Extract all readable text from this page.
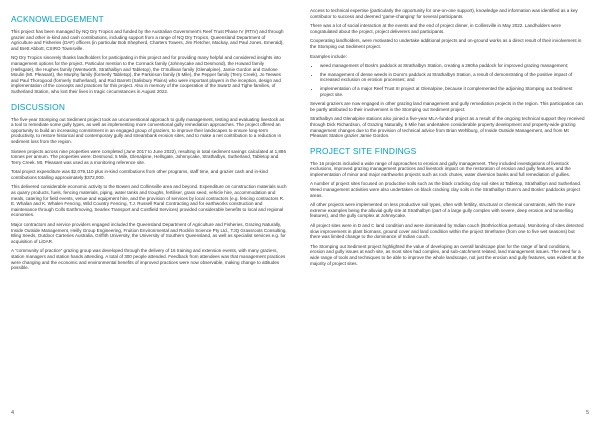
ACKNOWLEDGEMENT

This project has been managed by NQ Dry Tropics and funded by the Australian Government’s Reef Trust Phase IV (RTIV) and through grazier and other in-kind and cash contributions, including support from a range of NQ Dry Tropics, Queensland Department of Agriculture and Fisheries (DAF) officers (in particular Bob Shepherd, Charters Towers, Jim Fletcher, Mackay, and Paul Jones, Emerald), and Brett Abbott, CSIRO Townsville.

NQ Dry Tropics sincerely thanks landholders for participating in this project and for providing many helpful and considered insights into management options for the project. Particular mention to the Cormack family (Johnnycake and Desmond), the Howard family (Hellsgate), the Hughes family (Wentworth, Strathalbyn and Tabletop), the O’Sullivan family (Glenalpine), Jamie Gordon and Garlone Moulin (Mt. Pleasant), the Murphy family (formerly Tabletop), the Parkinson family (5 Mile), the Pepper family (Terry Creek), Jo Teewes and Paul Thorogood (formerly Sutherland), and Rod Barrett (Salisbury Plains) who were important players in the inception, design and implementation of the concepts and practices for this project. Also in memory of the cooperation of the Swartz and Tighe families, of Sutherland Station, who lost their lives in tragic circumstances in August 2022.

DISCUSSION

The five-year Stomping out Sediment project took an unconventional approach to gully management, testing and evaluating livestock as a tool to remediate some gully types, as well as implementing more conventional gully remediation approaches. The project offered an opportunity to build an increasing commitment in an engaged group of graziers, to improve their landscapes to ensure long-term productivity, to restore historical and contemporary gully and streambank erosion sites, and to make a net contribution to a reduction in sediment loss from the region.

Sixteen projects across nine properties were completed (June 2017 to June 2022), resulting in total sediment savings calculated at 1,886 tonnes per annum. The properties were: Desmond, 5 Mile, Glenalpine, Hellsgate, Johnnycake, Strathalbyn, Sutherland, Tabletop and Terry Creek. Mt. Pleasant was used as a monitoring reference site.

Total project expenditure was $2,079,110 plus in-kind contributions from other programs, staff time, and grazier cash and in-kind contributions totalling approximately $372,000.

This delivered considerable economic activity to the Bowen and Collinsville area and beyond. Expenditure on construction materials such as quarry products, fuels, fencing materials, piping, water tanks and troughs, fertiliser, grass seed, vehicle hire, accommodation and meals, catering for field events, venue and equipment hire, and the provision of services by local contractors (e.g. fencing contractors R. E. Whalan and K. Whalen Fencing, Wild Country Fencing, T.J. Russell Rural Contracting and for earthworks construction and maintenance through Colls Earthmoving, Searlex Transport and Costfield Services) provided considerable benefits to local and regional economies.

Major contractors and service providers engaged included the Queensland Department of Agriculture and Fisheries, Grazing Naturally, Inside Outside Management, Heilly Group Engineering, Fruition Environmental and Rocklin Science Pty Ltd., TJQ Grassroots Consulting, Bling Seeds, Outdoor Carteries Australia, Griffith University, the University of Southern Queensland, as well as specialist services e.g. for acquisition of LiDAR.

A “community of practice” grazing group was developed through the delivery of 16 training and extension events, with many graziers, station managers and station hands attending. A total of 300 people attended. Feedback from attendees was that management practices were changing and the economic and environmental benefits of improved practices were now observable, making change to attitudes possible.

Access to technical expertise (particularly the opportunity for one-on-one support), knowledge and information was identified as a key contributor to success and deemed ‘game-changing’ for several participants.

There was a lot of social interaction at the events and the end of project dinner, in Collinsville in May 2022. Landholders were congratulated about the project, project deliverers and participants.

Cooperating landholders, were motivated to undertake additional projects and on-ground works as a direct result of their involvement in the Stomping out Sediment project.

Examples include:

• weed management of Bosk’s paddock at Strathalbyn Station, creating a 260ha paddock for improved grazing management;
• the management of dense weeds in Dunn’s paddock at Strathalbyn Station, a result of demonstrating of the positive impact of increased exclusion on erosion processes; and
• implementation of a major Reef Trust III project at Glenalpine, because it complemented the adjoining Stomping out Sediment project site.

Several graziers are now engaged in other grazing land management and gully remediation projects in the region. This participation can be partly attributed to their involvement in the Stomping out Sediment project.

Strathalbyn and Glenalpine stations also joined a five-year MLA-funded project as a result of the ongoing technical support they received through Dick Richardson, of Grazing Naturally, 5 Mile has undertaken considerable property development and property-wide grazing management changes due to the provision of technical advice from Brian Wehlburg, of Inside Outside Management, and from Mt Pleasant Station grazier Jamie Gordon.

PROJECT SITE FINDINGS

The 16 projects included a wide range of approaches to erosion and gully management. They included investigations of livestock exclusions, improved grazing management practices and livestock impact on the restoration of erosion and gully features, and the implementation of minor and major earthworks projects such as rock chutes, water diversion banks and full remediation of gullies.

A number of project sites focused on productive soils such as the black cracking clay soil sites at Tabletop, Strathalbyn and Sutherland. Weed management activities were also undertaken on black cracking clay soils in the Strathalbyn Dunn’s and Bosks’ paddocks project areas.

All other projects were implemented on less productive soil types, often with fertility, structural or chemical constraints, with the more extreme examples being the alluvial gully site at Strathalbyn (part of a large gully complex with severe, deep erosion and tunnelling features), and the gully complex at Johnnycake.

All project sites were in D and C land condition and were dominated by Indian couch (Bothriochloa pertusa). Monitoring of sites detected slow improvement in plant biomass, ground cover and land condition within the project timeframe (from one to five wet seasons) but there was limited change to the dominance of Indian couch.

The Stomping out Sediment project highlighted the value of developing an overall landscape plan for the range of land conditions, erosion and gully issues at each site, as most sites had complex, and sub-catchment related, land management issues. The need for a wide range of tools and techniques to be able to improve the whole landscape, not just the erosion and gully features, was evident at the majority of project sites.

4	5
